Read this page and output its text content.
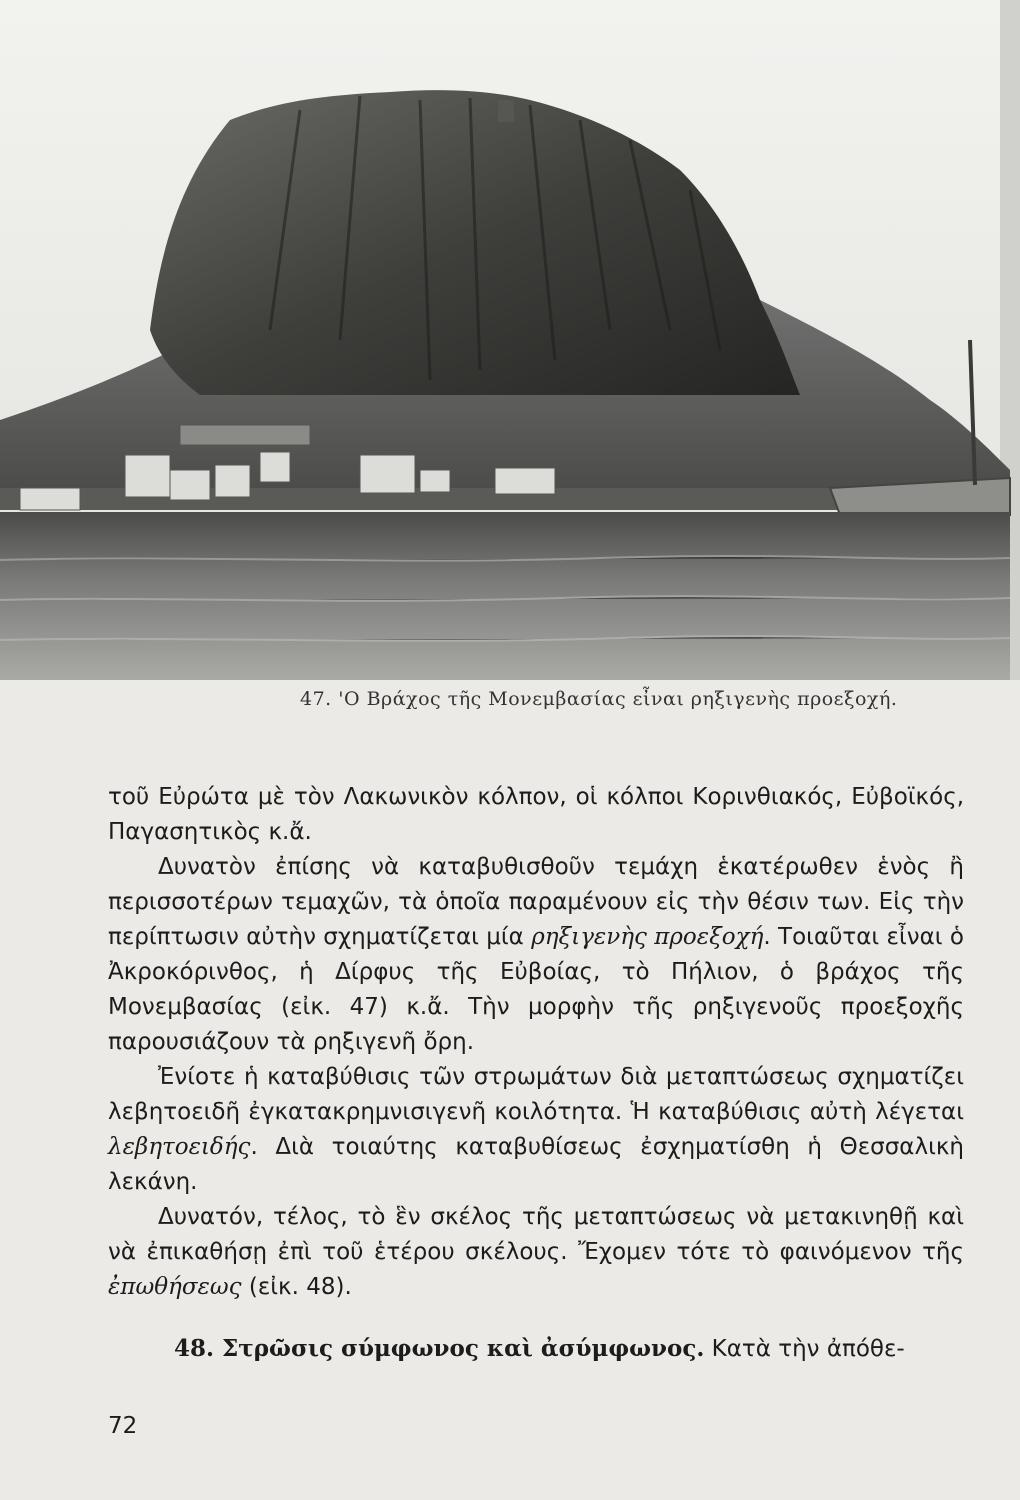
47. 'Ο Βράχος τῆς Μονεμβασίας εἶναι ρηξιγενὴς προεξοχή.

τοῦ Εὐρώτα μὲ τὸν Λακωνικὸν κόλπον, οἱ κόλποι Κορινθιακός, Εὐβοϊκός, Παγασητικὸς κ.ἄ.

Δυνατὸν ἐπίσης νὰ καταβυθισθοῦν τεμάχη ἑκατέρωθεν ἑνὸς ἢ περισσοτέρων τεμαχῶν, τὰ ὁποῖα παραμένουν εἰς τὴν θέσιν των. Εἰς τὴν περίπτωσιν αὐτὴν σχηματίζεται μία ρηξιγενὴς προεξοχή. Τοιαῦται εἶναι ὁ Ἀκροκόρινθος, ἡ Δίρφυς τῆς Εὐβοίας, τὸ Πήλιον, ὁ βράχος τῆς Μονεμβασίας (εἰκ. 47) κ.ἄ. Τὴν μορφὴν τῆς ρηξιγενοῦς προεξοχῆς παρουσιάζουν τὰ ρηξιγενῆ ὄρη.

Ἐνίοτε ἡ καταβύθισις τῶν στρωμάτων διὰ μεταπτώσεως σχηματίζει λεβητοειδῆ ἐγκατακρημνισιγενῆ κοιλότητα. Ἡ καταβύθισις αὐτὴ λέγεται λεβητοειδής. Διὰ τοιαύτης καταβυθίσεως ἐσχηματίσθη ἡ Θεσσαλικὴ λεκάνη.

Δυνατόν, τέλος, τὸ ἓν σκέλος τῆς μεταπτώσεως νὰ μετακινηθῇ καὶ νὰ ἐπικαθήσῃ ἐπὶ τοῦ ἑτέρου σκέλους. Ἔχομεν τότε τὸ φαινόμενον τῆς ἐπωθήσεως (εἰκ. 48).

48. Στρῶσις σύμφωνος καὶ ἀσύμφωνος. Κατὰ τὴν ἀπόθε-
72
